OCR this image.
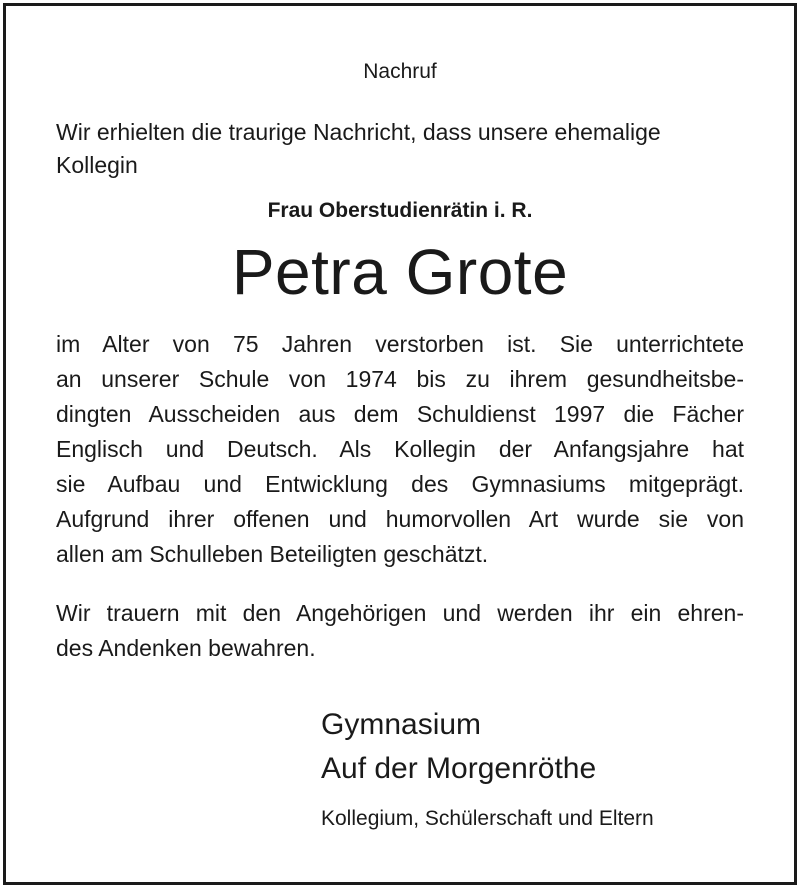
Nachruf
Wir erhielten die traurige Nachricht, dass unsere ehemalige
Kollegin
Frau Oberstudienrätin i. R.
Petra Grote
im Alter von 75 Jahren verstorben ist. Sie unterrichtete
an unserer Schule von 1974 bis zu ihrem gesundheitsbe-
dingten Ausscheiden aus dem Schuldienst 1997 die Fächer
Englisch und Deutsch. Als Kollegin der Anfangsjahre hat
sie Aufbau und Entwicklung des Gymnasiums mitgeprägt.
Aufgrund ihrer offenen und humorvollen Art wurde sie von
allen am Schulleben Beteiligten geschätzt.
Wir trauern mit den Angehörigen und werden ihr ein ehren-
des Andenken bewahren.
Gymnasium
Auf der Morgenröthe
Kollegium, Schülerschaft und Eltern
